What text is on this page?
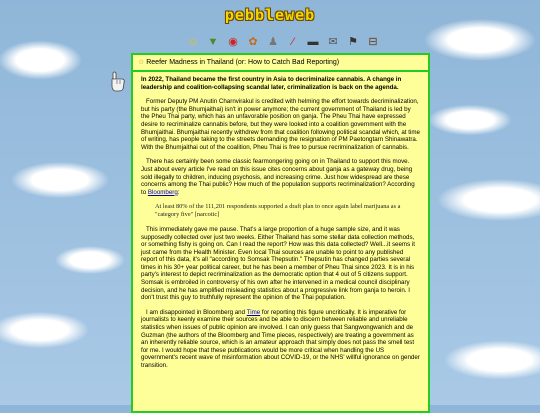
pebbleweb
☺ ▼ ◉ ✿ ♟	⁄	▬ ✉ ⚑ ⊟
☆ Reefer Madness in Thailand (or: How to Catch Bad Reporting)

In 2022, Thailand became the first country in Asia to decriminalize cannabis. A change in leadership and coalition-collapsing scandal later, criminalization is back on the agenda.

Former Deputy PM Anutin Charnvirakul is credited with helming the effort towards decriminalization, but his party (the Bhumjaithai) isn't in power anymore; the current government of Thailand is led by the Pheu Thai party, which has an unfavorable position on ganja. The Pheu Thai have expressed desire to recriminalize cannabis before, but they were looked into a coalition government with the Bhumjaithai. Bhumjaithai recently withdrew from that coalition following political scandal which, at time of writing, has people taking to the streets demanding the resignation of PM Paetongtarn Shinawatra. With the Bhumjaithai out of the coalition, Pheu Thai is free to pursue recriminalization of cannabis.

There has certainly been some classic fearmongering going on in Thailand to support this move. Just about every article I've read on this issue cites concerns about ganja as a gateway drug, being sold illegally to children, inducing psychosis, and increasing crime. Just how widespread are these concerns among the Thai public? How much of the population supports recriminalization? According to Bloomberg:

At least 80% of the 111,201 respondents supported a draft plan to once again label marijuana as a "category five" [narcotic]

This immediately gave me pause. That's a large proportion of a huge sample size, and it was supposedly collected over just two weeks. Either Thailand has some stellar data collection methods, or something fishy is going on. Can I read the report? How was this data collected? Well...it seems it just came from the Health Minister. Even local Thai sources are unable to point to any published report of this data, it's all "according to Somsak Thepsutin." Thepsutin has changed parties several times in his 30+ year political career, but he has been a member of Pheu Thai since 2023. It is in his party's interest to depict recriminalization as the democratic option that 4 out of 5 citizens support. Somsak is embroiled in controversy of his own after he intervened in a medical council disciplinary decision, and he has amplified misleading statistics about a progressive link from ganja to heroin. I don't trust this guy to truthfully represent the opinion of the Thai population.

I am disappointed in Bloomberg and Time for reporting this figure uncritically. It is imperative for journalists to keenly examine their sources and be able to discern between reliable and unreliable statistics when issues of public opinion are involved. I can only guess that Sangwongwanich and de Guzman (the authors of the Bloomberg and Time pieces, respectively) are treating a government as an inherently reliable source, which is an amateur approach that simply does not pass the smell test for me. I would hope that these publications would be more critical when handling the US government's recent wave of misinformation about COVID-19, or the NHS' willful ignorance on gender transition.
